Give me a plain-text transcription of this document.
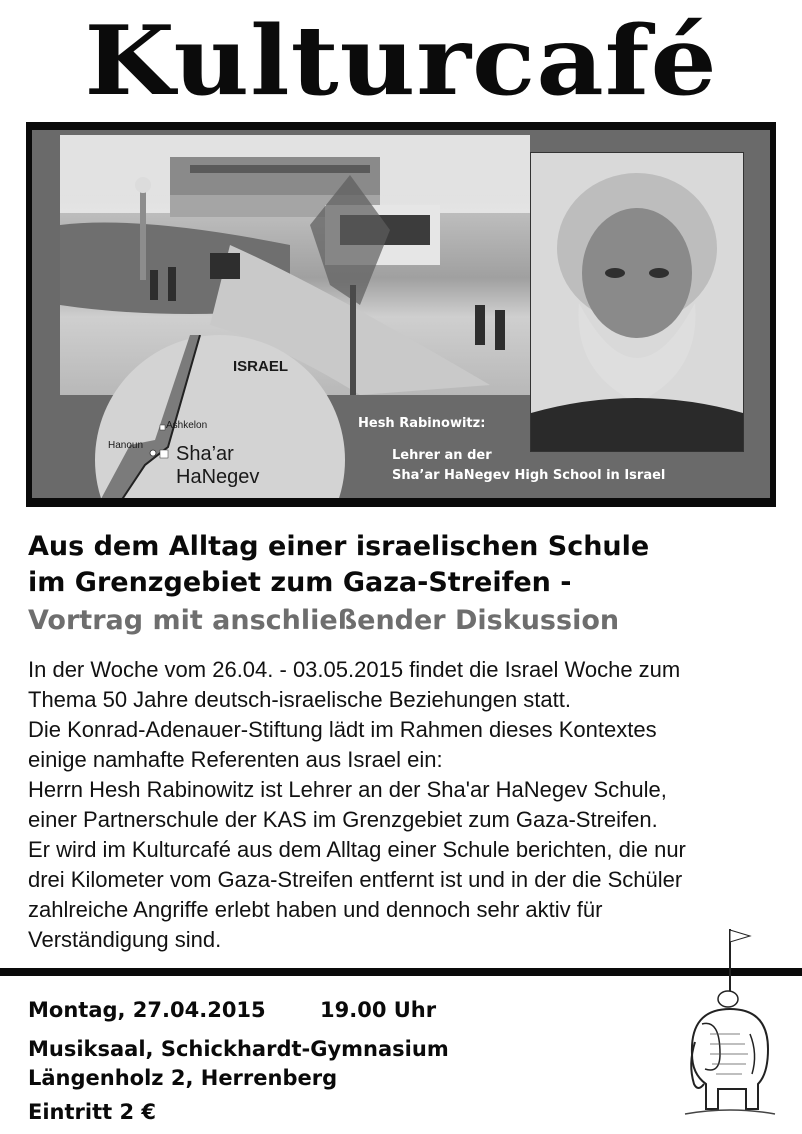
Kulturcafé
ISRAEL
Ashkelon
Hanoun Sha’ar
HaNegev
Hesh Rabinowitz:
Lehrer an der
Sha’ar HaNegev High School in Israel
Aus dem Alltag einer israelischen Schule
im Grenzgebiet zum Gaza-Streifen -
Vortrag mit anschließender Diskussion
In der Woche vom 26.04. - 03.05.2015 findet die Israel Woche zum
Thema 50 Jahre deutsch-israelische Beziehungen statt.
Die Konrad-Adenauer-Stiftung lädt im Rahmen dieses Kontextes
einige namhafte Referenten aus Israel ein:
Herrn Hesh Rabinowitz ist Lehrer an der Sha'ar HaNegev Schule,
einer Partnerschule der KAS im Grenzgebiet zum Gaza-Streifen.
Er wird im Kulturcafé aus dem Alltag einer Schule berichten, die nur
drei Kilometer vom Gaza-Streifen entfernt ist und in der die Schüler
zahlreiche Angriffe erlebt haben und dennoch sehr aktiv für
Verständigung sind.
Montag, 27.04.2015	19.00 Uhr
Musiksaal, Schickhardt-Gymnasium
Längenholz 2, Herrenberg
Eintritt 2 €
